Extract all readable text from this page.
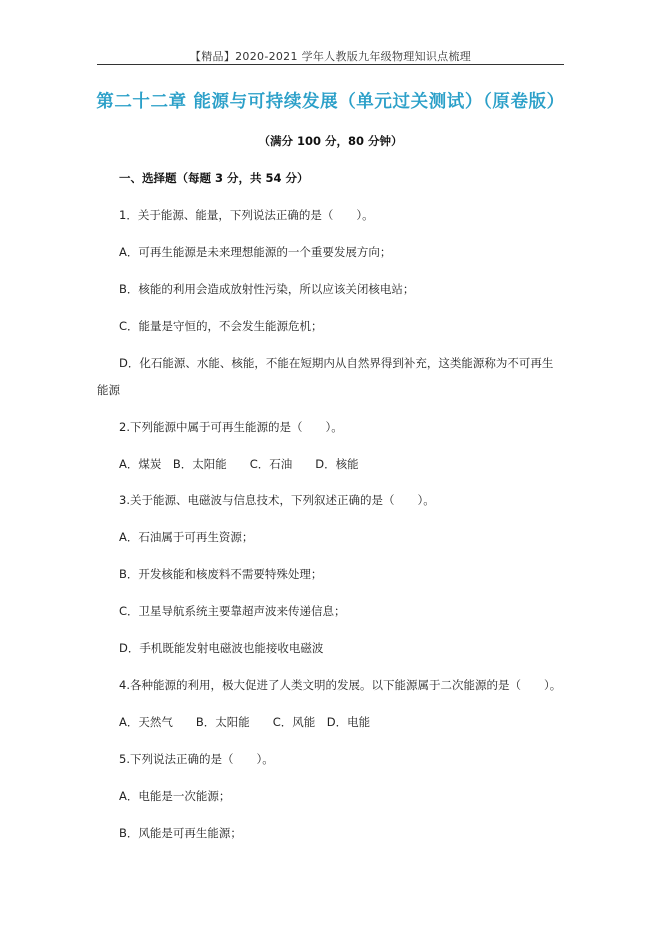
【精品】2020-2021 学年人教版九年级物理知识点梳理
第二十二章 能源与可持续发展（单元过关测试）（原卷版）
（满分 100 分，80 分钟）
一、选择题（每题 3 分，共 54 分）
1．关于能源、能量，下列说法正确的是（　　）。
A．可再生能源是未来理想能源的一个重要发展方向；
B．核能的利用会造成放射性污染，所以应该关闭核电站；
C．能量是守恒的，不会发生能源危机；
D．化石能源、水能、核能，不能在短期内从自然界得到补充，这类能源称为不可再生
能源
2.下列能源中属于可再生能源的是（　　）。
A．煤炭　B．太阳能　　C．石油　　D．核能
3.关于能源、电磁波与信息技术，下列叙述正确的是（　　）。
A．石油属于可再生资源；
B．开发核能和核废料不需要特殊处理；
C．卫星导航系统主要靠超声波来传递信息；
D．手机既能发射电磁波也能接收电磁波
4.各种能源的利用，极大促进了人类文明的发展。以下能源属于二次能源的是（　　）。
A．天然气　　B．太阳能　　C．风能　D．电能
5.下列说法正确的是（　　）。
A．电能是一次能源；
B．风能是可再生能源；
